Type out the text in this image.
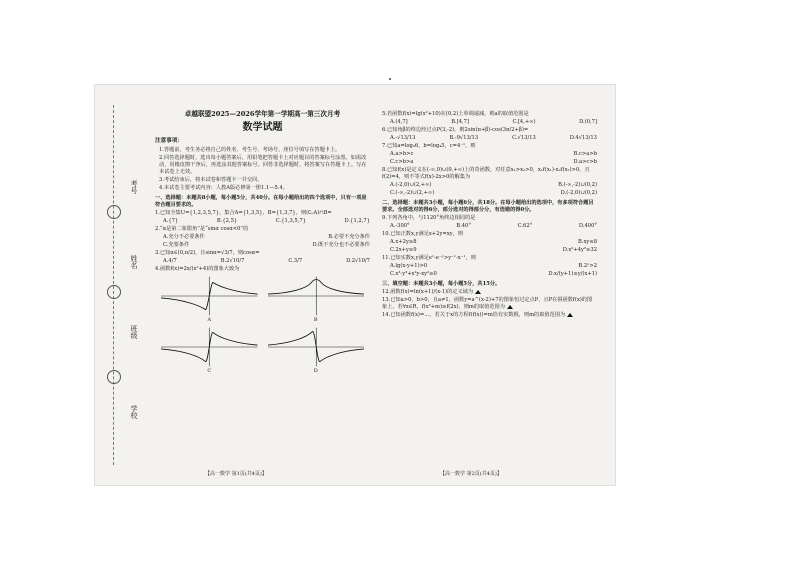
考号
姓名
班级
学校
卓越联盟2025—2026学年第一学期高一第三次月考
数学试题
注意事项：

1.答题前，考生务必将自己的姓名、考生号、考场号、座位号填写在答题卡上。

2.回答选择题时，选出每小题答案后，用铅笔把答题卡上对应题目的答案标号涂黑。如需改动，用橡皮擦干净后，再选涂其他答案标号。回答非选择题时，将答案写在答题卡上。写在本试卷上无效。

3.考试结束后，将本试卷和答题卡一并交回。

4.本试卷主要考试内容：人教A版必修第一册1.1—5.4。

一、选择题：本题共8小题，每小题5分，共40分。在每小题给出的四个选项中，只有一项是符合题目要求的。
1.已知全集U={1,2,3,5,7}，集合A={1,3,5}，B={1,3,7}，则(∁ᵤA)∩B=
A.{7}	B.{2,5}	C.{1,3,5,7}	D.{1,2,7}
2.“α是第二象限角”是“sinα cosα<0”的
A.充分不必要条件	B.必要不充分条件
C.充要条件	D.既不充分也不必要条件
3.已知α∈(0,π/2)，且sinα=√3/7，则cosα=
A.4/7	B.2√10/7	C.3/7	D.2√10/7
4.函数f(x)=2x/(x²+4)的图象大致为
A	B
C	D
5.若函数f(x)=lg(x²+10)在(0,2)上单调递减，则a的取值范围是
A.(4,7]	B.[4,7]	C.[4,+∞)	D.(0,7]
6.已知角β的终边经过点P(3,-2)，则2sin(π+β)-cos(3π/2+β)=
A.-√13/13	B.-9√13/13	C.√13/13	D.4√13/13
7.已知a=log₃6，b=log₄5，c=4⁻¹，则
A.a>b>c	B.c>a>b
C.c>b>a	D.a>c>b
8.已知f(x)是定义在(-∞,0)∪(0,+∞)上的奇函数，对任意x₁>x₂>0，x₁f(x₁)-x₂f(x₂)>0，且f(2)=4，则不等式f(x)-2x>0的解集为
A.(-2,0)∪(2,+∞)	B.(-∞,-2)∪(0,2)
C.(-∞,-2)∪(2,+∞)	D.(-2,0)∪(0,2)
二、选择题：本题共3小题，每小题6分，共18分。在每小题给出的选项中，有多项符合题目要求。全部选对的得6分，部分选对的得部分分，有选错的得0分。
9.下列各角中，与1120°角终边相同的是
A.-300°	B.40°	C.62°	D.400°
10.已知正数x,y满足x+2y=xy，则
A.x+2y≥8	B.xy≤8
C.2x+y≥9	D.x²+4y²≥32
11.已知实数x,y满足eˣ-e⁻ʸ>y⁻¹-x⁻¹，则
A.lg(x-y+1)>0	B.2ʸ>2
C.x³-y³+x²y-xy²≥0	D.x/(y+1)≥y/(x+1)
三、填空题：本题共3小题，每小题5分，共15分。
12.函数f(x)=ln(x+1)/(x-1)的定义域为
13.已知a>0，b>0，且a≠1，函数y=a^(x-2)+7的图象恒过定点P，且P在幂函数f(x)的图象上，若∀x∈R，f(x²+m)≥f(2x)，则m的取值范围为
14.已知函数f(x)=…，若关于x的方程f(f(x))=m恰有实数根，则m的取值范围为
【高一数学 第1页(共4页)】	【高一数学 第2页(共4页)】
